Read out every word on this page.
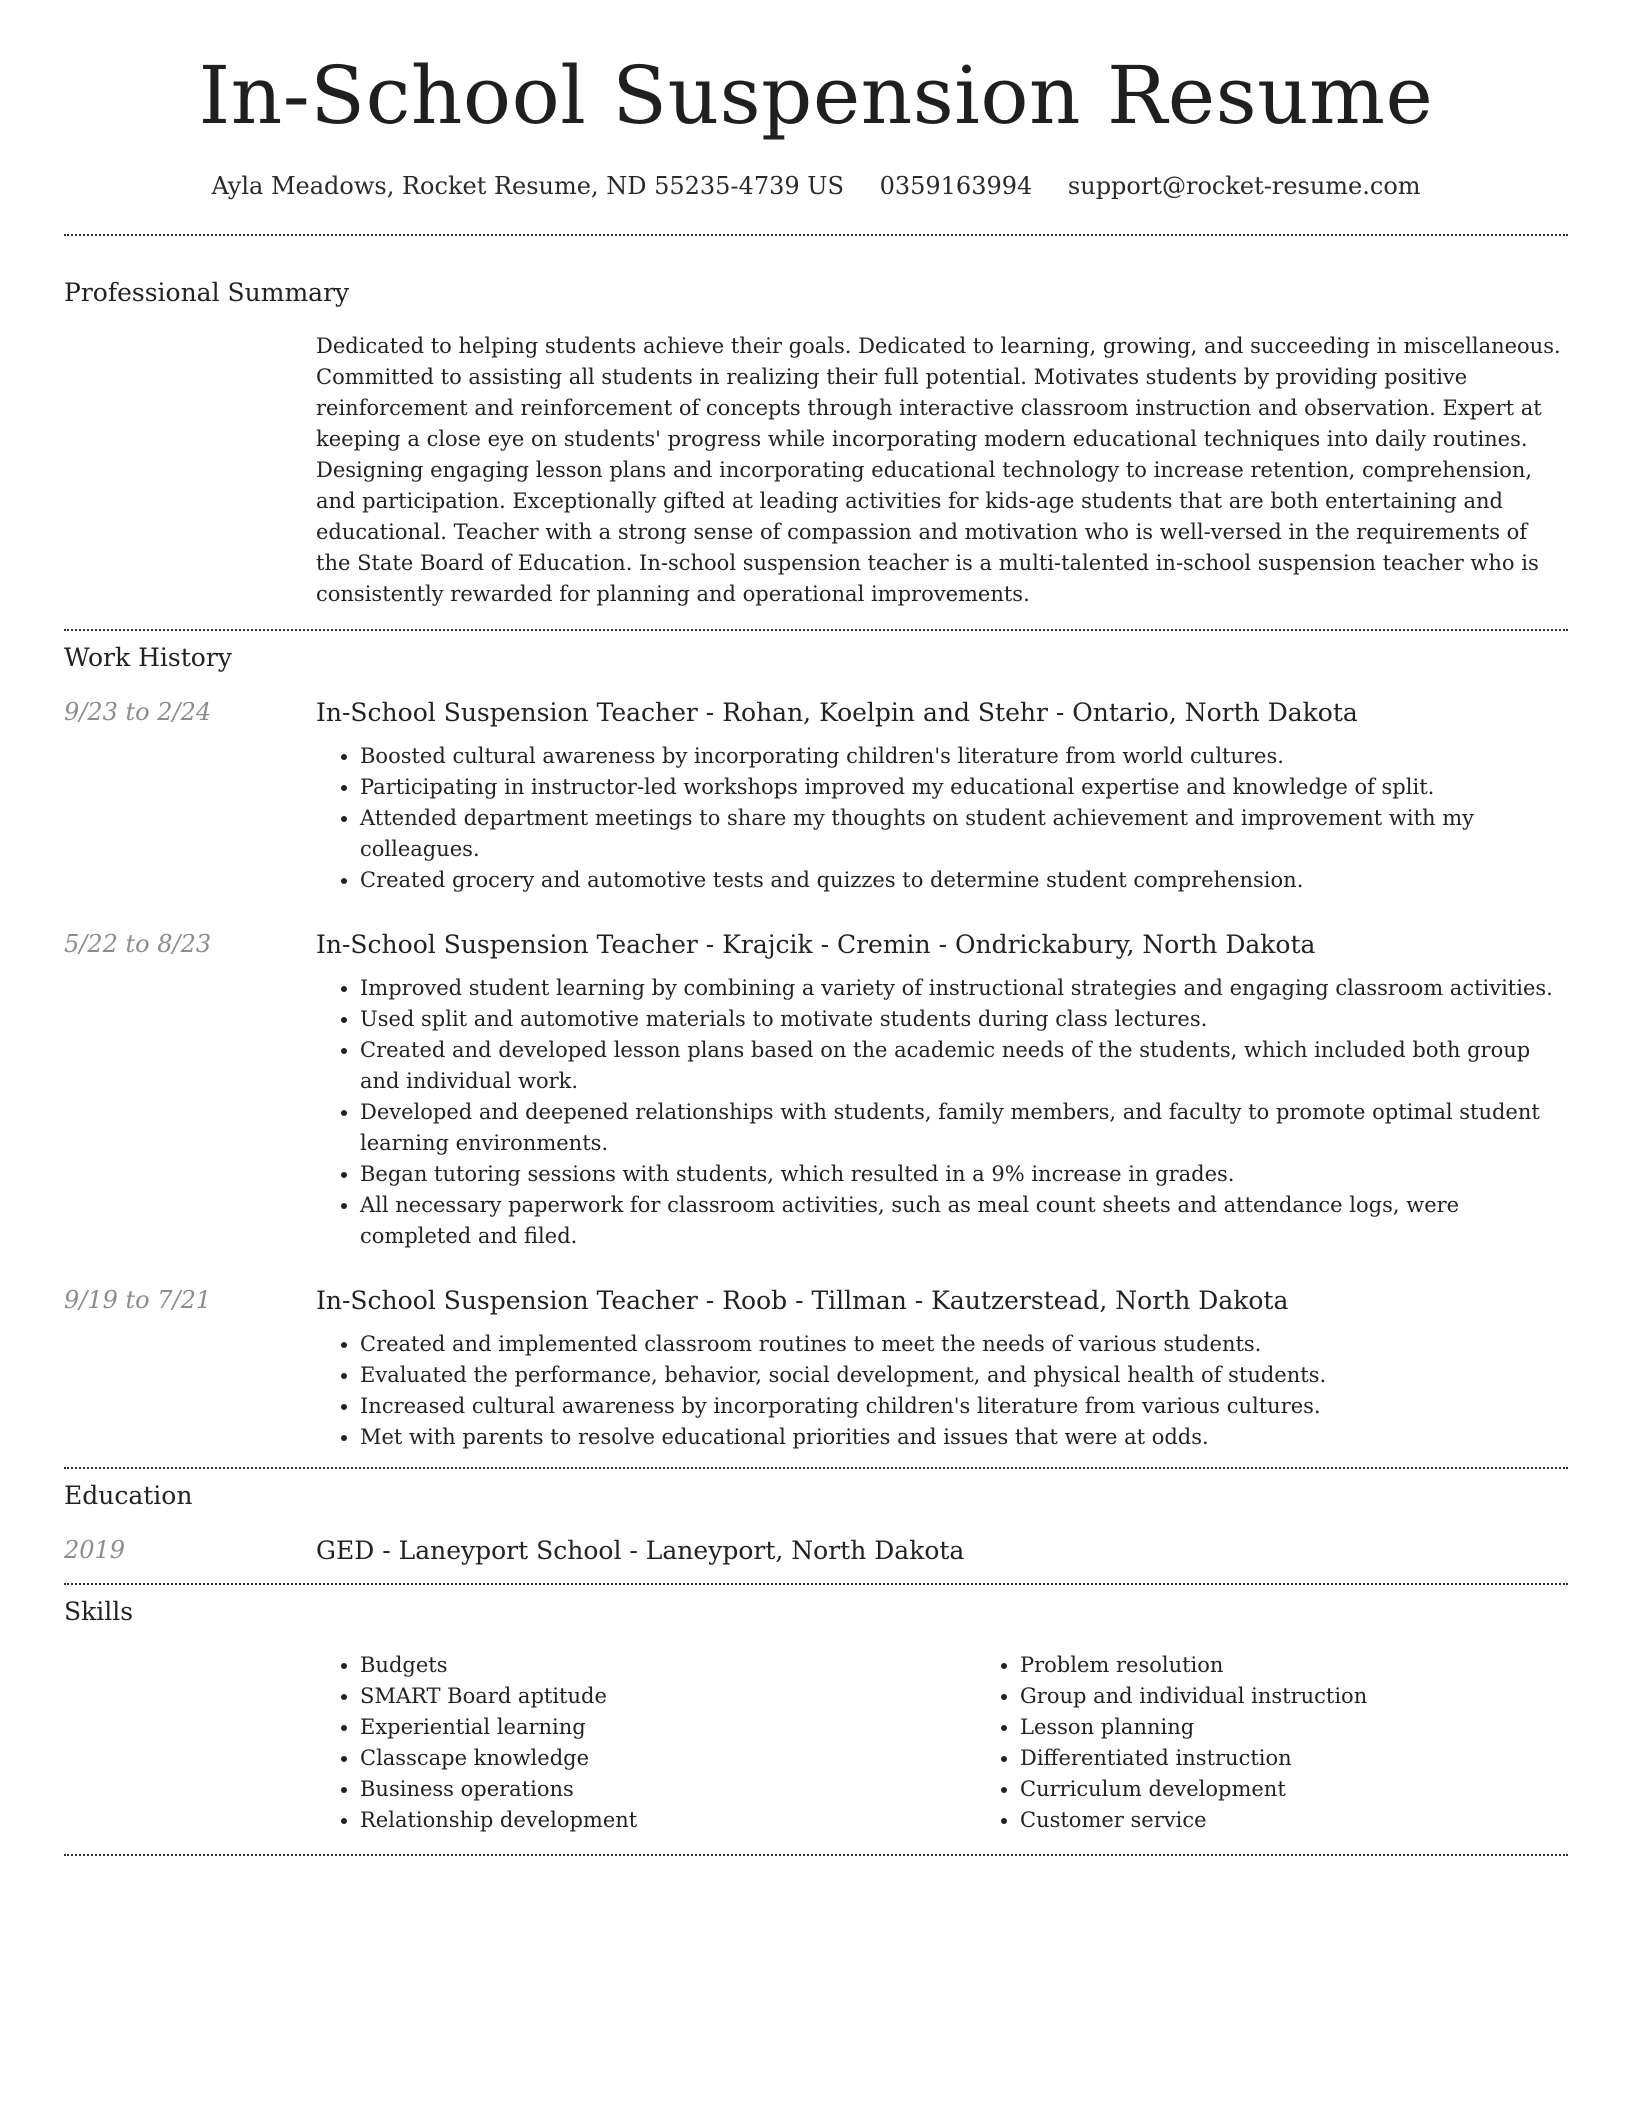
In-School Suspension Resume
Ayla Meadows, Rocket Resume, ND 55235-4739 US 0359163994 support@rocket-resume.com
Professional Summary

Dedicated to helping students achieve their goals. Dedicated to learning, growing, and succeeding in miscellaneous. Committed to assisting all students in realizing their full potential. Motivates students by providing positive reinforcement and reinforcement of concepts through interactive classroom instruction and observation. Expert at keeping a close eye on students' progress while incorporating modern educational techniques into daily routines. Designing engaging lesson plans and incorporating educational technology to increase retention, comprehension, and participation. Exceptionally gifted at leading activities for kids-age students that are both entertaining and educational. Teacher with a strong sense of compassion and motivation who is well-versed in the requirements of the State Board of Education. In-school suspension teacher is a multi-talented in-school suspension teacher who is consistently rewarded for planning and operational improvements.

Work History
9/23 to 2/24	In-School Suspension Teacher - Rohan, Koelpin and Stehr - Ontario, North Dakota
• Boosted cultural awareness by incorporating children's literature from world cultures.
• Participating in instructor-led workshops improved my educational expertise and knowledge of split.
• Attended department meetings to share my thoughts on student achievement and improvement with my colleagues.
• Created grocery and automotive tests and quizzes to determine student comprehension.
5/22 to 8/23	In-School Suspension Teacher - Krajcik - Cremin - Ondrickabury, North Dakota
• Improved student learning by combining a variety of instructional strategies and engaging classroom activities.
• Used split and automotive materials to motivate students during class lectures.
• Created and developed lesson plans based on the academic needs of the students, which included both group and individual work.
• Developed and deepened relationships with students, family members, and faculty to promote optimal student learning environments.
• Began tutoring sessions with students, which resulted in a 9% increase in grades.
• All necessary paperwork for classroom activities, such as meal count sheets and attendance logs, were completed and filed.
9/19 to 7/21	In-School Suspension Teacher - Roob - Tillman - Kautzerstead, North Dakota
• Created and implemented classroom routines to meet the needs of various students.
• Evaluated the performance, behavior, social development, and physical health of students.
• Increased cultural awareness by incorporating children's literature from various cultures.
• Met with parents to resolve educational priorities and issues that were at odds.
Education
2019	GED - Laneyport School - Laneyport, North Dakota
Skills
• Budgets
• SMART Board aptitude
• Experiential learning
• Classcape knowledge
• Business operations
• Relationship development
• Problem resolution
• Group and individual instruction
• Lesson planning
• Differentiated instruction
• Curriculum development
• Customer service
